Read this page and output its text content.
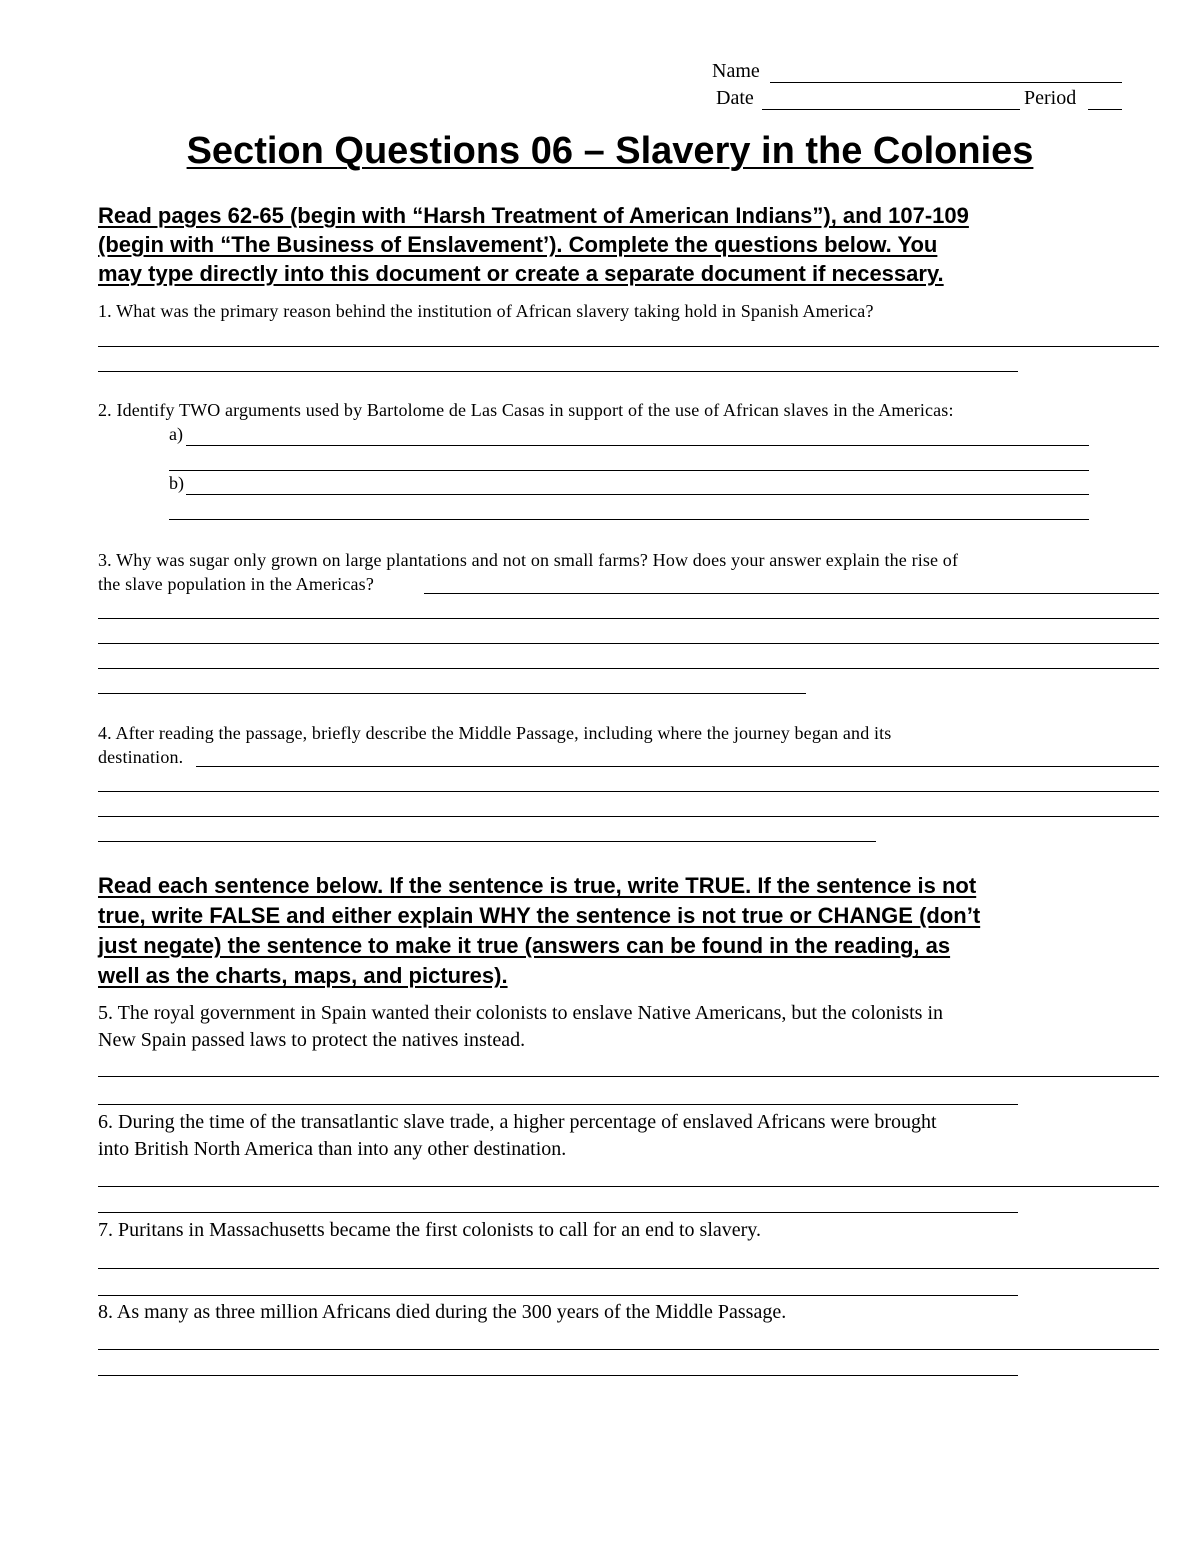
Name
Date	Period
Section Questions 06 – Slavery in the Colonies
Read pages 62-65 (begin with “Harsh Treatment of American Indians”), and 107-109
(begin with “The Business of Enslavement’). Complete the questions below. You
may type directly into this document or create a separate document if necessary.
1. What was the primary reason behind the institution of African slavery taking hold in Spanish America?
2. Identify TWO arguments used by Bartolome de Las Casas in support of the use of African slaves in the Americas:
a)
b)
3. Why was sugar only grown on large plantations and not on small farms? How does your answer explain the rise of
the slave population in the Americas?
4. After reading the passage, briefly describe the Middle Passage, including where the journey began and its
destination.
Read each sentence below. If the sentence is true, write TRUE. If the sentence is not
true, write FALSE and either explain WHY the sentence is not true or CHANGE (don’t
just negate) the sentence to make it true (answers can be found in the reading, as
well as the charts, maps, and pictures).
5. The royal government in Spain wanted their colonists to enslave Native Americans, but the colonists in
New Spain passed laws to protect the natives instead.
6. During the time of the transatlantic slave trade, a higher percentage of enslaved Africans were brought
into British North America than into any other destination.
7. Puritans in Massachusetts became the first colonists to call for an end to slavery.
8. As many as three million Africans died during the 300 years of the Middle Passage.
